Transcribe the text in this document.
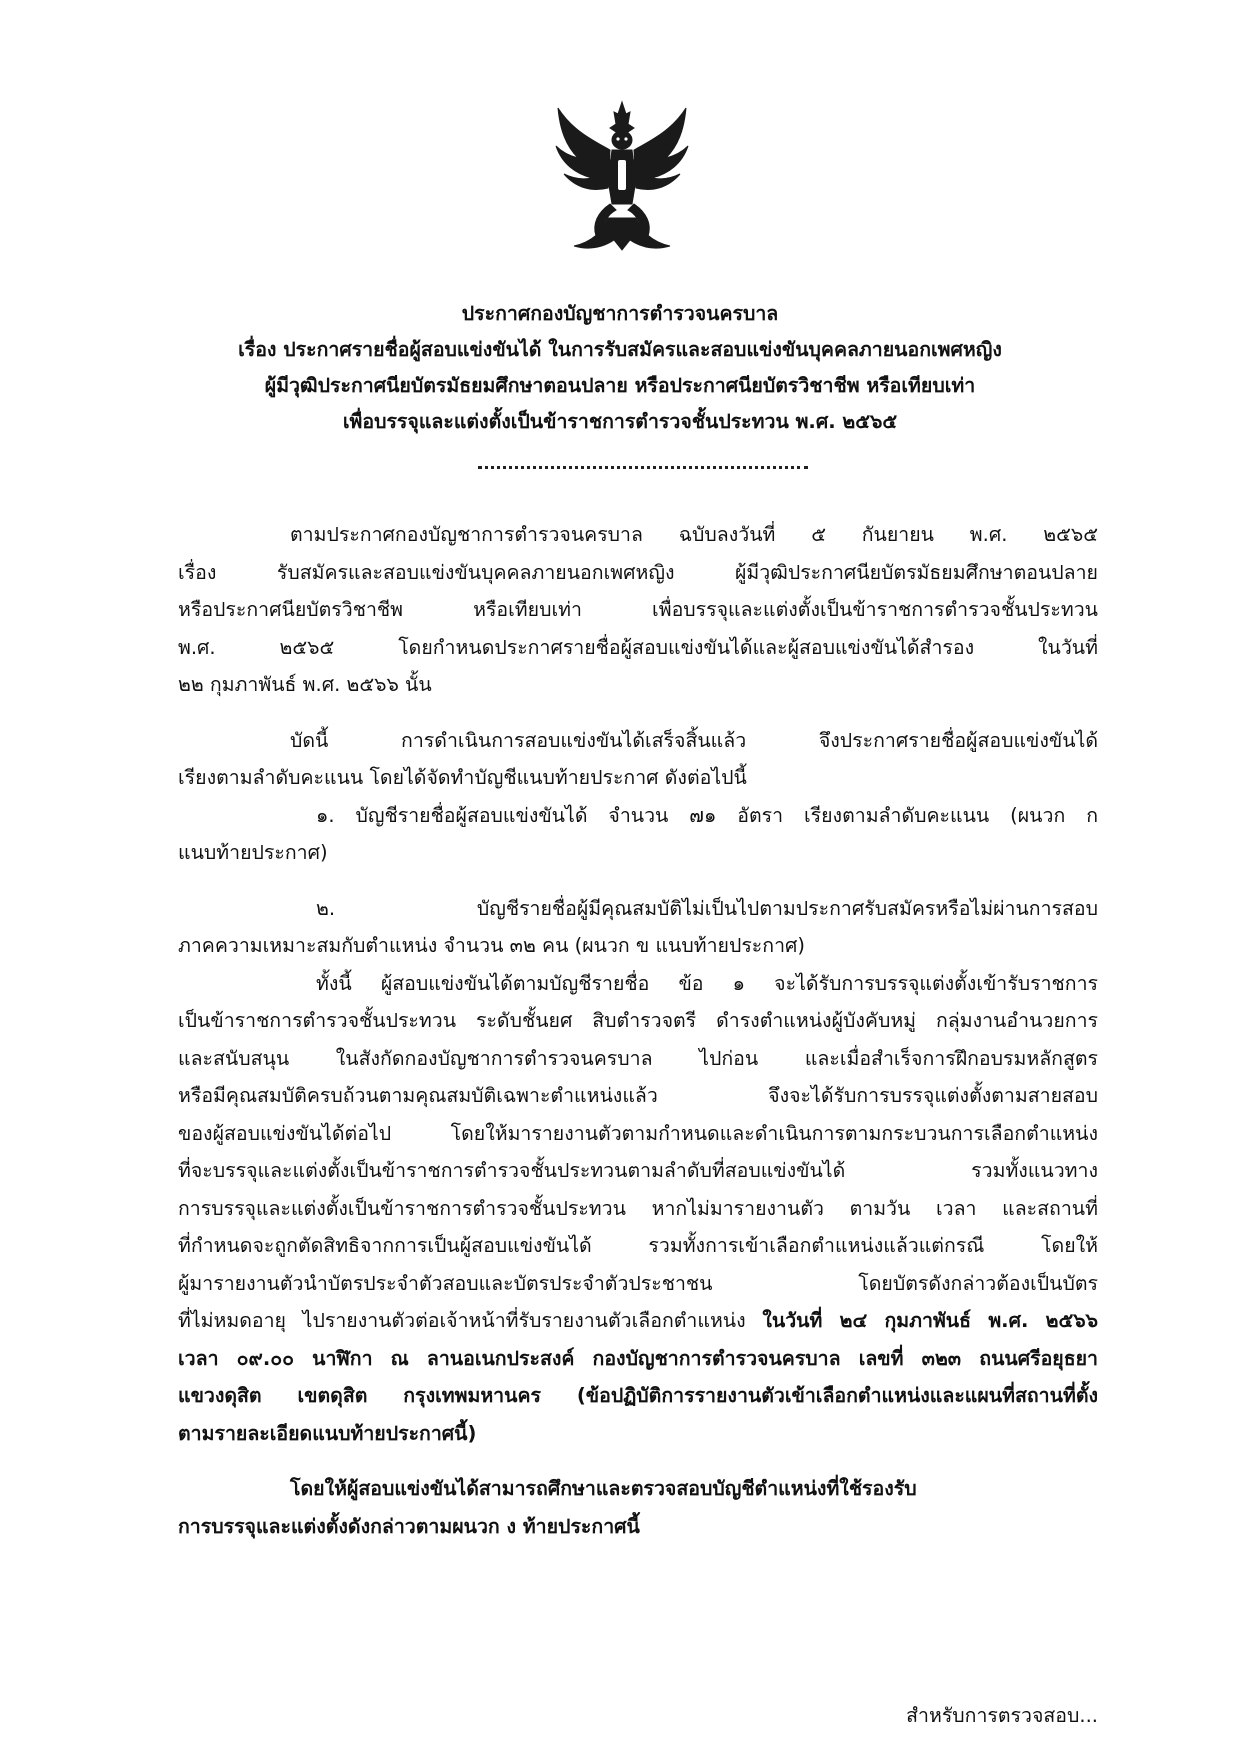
ประกาศกองบัญชาการตำรวจนครบาล
เรื่อง ประกาศรายชื่อผู้สอบแข่งขันได้ ในการรับสมัครและสอบแข่งขันบุคคลภายนอกเพศหญิง
ผู้มีวุฒิประกาศนียบัตรมัธยมศึกษาตอนปลาย หรือประกาศนียบัตรวิชาชีพ หรือเทียบเท่า
เพื่อบรรจุและแต่งตั้งเป็นข้าราชการตำรวจชั้นประทวน พ.ศ. ๒๕๖๕

ตามประกาศกองบัญชาการตำรวจนครบาล ฉบับลงวันที่ ๕ กันยายน พ.ศ. ๒๕๖๕

เรื่อง รับสมัครและสอบแข่งขันบุคคลภายนอกเพศหญิง ผู้มีวุฒิประกาศนียบัตรมัธยมศึกษาตอนปลาย

หรือประกาศนียบัตรวิชาชีพ หรือเทียบเท่า เพื่อบรรจุและแต่งตั้งเป็นข้าราชการตำรวจชั้นประทวน

พ.ศ. ๒๕๖๕ โดยกำหนดประกาศรายชื่อผู้สอบแข่งขันได้และผู้สอบแข่งขันได้สำรอง ในวันที่

๒๒ กุมภาพันธ์ พ.ศ. ๒๕๖๖ นั้น

บัดนี้ การดำเนินการสอบแข่งขันได้เสร็จสิ้นแล้ว จึงประกาศรายชื่อผู้สอบแข่งขันได้

เรียงตามลำดับคะแนน โดยได้จัดทำบัญชีแนบท้ายประกาศ ดังต่อไปนี้

๑. บัญชีรายชื่อผู้สอบแข่งขันได้ จำนวน ๗๑ อัตรา เรียงตามลำดับคะแนน (ผนวก ก

แนบท้ายประกาศ)

๒. บัญชีรายชื่อผู้มีคุณสมบัติไม่เป็นไปตามประกาศรับสมัครหรือไม่ผ่านการสอบ

ภาคความเหมาะสมกับตำแหน่ง จำนวน ๓๒ คน (ผนวก ข แนบท้ายประกาศ)

ทั้งนี้ ผู้สอบแข่งขันได้ตามบัญชีรายชื่อ ข้อ ๑ จะได้รับการบรรจุแต่งตั้งเข้ารับราชการ

เป็นข้าราชการตำรวจชั้นประทวน ระดับชั้นยศ สิบตำรวจตรี ดำรงตำแหน่งผู้บังคับหมู่ กลุ่มงานอำนวยการ

และสนับสนุน ในสังกัดกองบัญชาการตำรวจนครบาล ไปก่อน และเมื่อสำเร็จการฝึกอบรมหลักสูตร

หรือมีคุณสมบัติครบถ้วนตามคุณสมบัติเฉพาะตำแหน่งแล้ว จึงจะได้รับการบรรจุแต่งตั้งตามสายสอบ

ของผู้สอบแข่งขันได้ต่อไป โดยให้มารายงานตัวตามกำหนดและดำเนินการตามกระบวนการเลือกตำแหน่ง

ที่จะบรรจุและแต่งตั้งเป็นข้าราชการตำรวจชั้นประทวนตามลำดับที่สอบแข่งขันได้ รวมทั้งแนวทาง

การบรรจุและแต่งตั้งเป็นข้าราชการตำรวจชั้นประทวน หากไม่มารายงานตัว ตามวัน เวลา และสถานที่

ที่กำหนดจะถูกตัดสิทธิจากการเป็นผู้สอบแข่งขันได้ รวมทั้งการเข้าเลือกตำแหน่งแล้วแต่กรณี โดยให้

ผู้มารายงานตัวนำบัตรประจำตัวสอบและบัตรประจำตัวประชาชน โดยบัตรดังกล่าวต้องเป็นบัตร

ที่ไม่หมดอายุ ไปรายงานตัวต่อเจ้าหน้าที่รับรายงานตัวเลือกตำแหน่ง ในวันที่ ๒๔ กุมภาพันธ์ พ.ศ. ๒๕๖๖

เวลา ๐๙.๐๐ นาฬิกา ณ ลานอเนกประสงค์ กองบัญชาการตำรวจนครบาล เลขที่ ๓๒๓ ถนนศรีอยุธยา

แขวงดุสิต เขตดุสิต กรุงเทพมหานคร (ข้อปฏิบัติการรายงานตัวเข้าเลือกตำแหน่งและแผนที่สถานที่ตั้ง

ตามรายละเอียดแนบท้ายประกาศนี้)

โดยให้ผู้สอบแข่งขันได้สามารถศึกษาและตรวจสอบบัญชีตำแหน่งที่ใช้รองรับ

การบรรจุและแต่งตั้งดังกล่าวตามผนวก ง ท้ายประกาศนี้

สำหรับการตรวจสอบ...
